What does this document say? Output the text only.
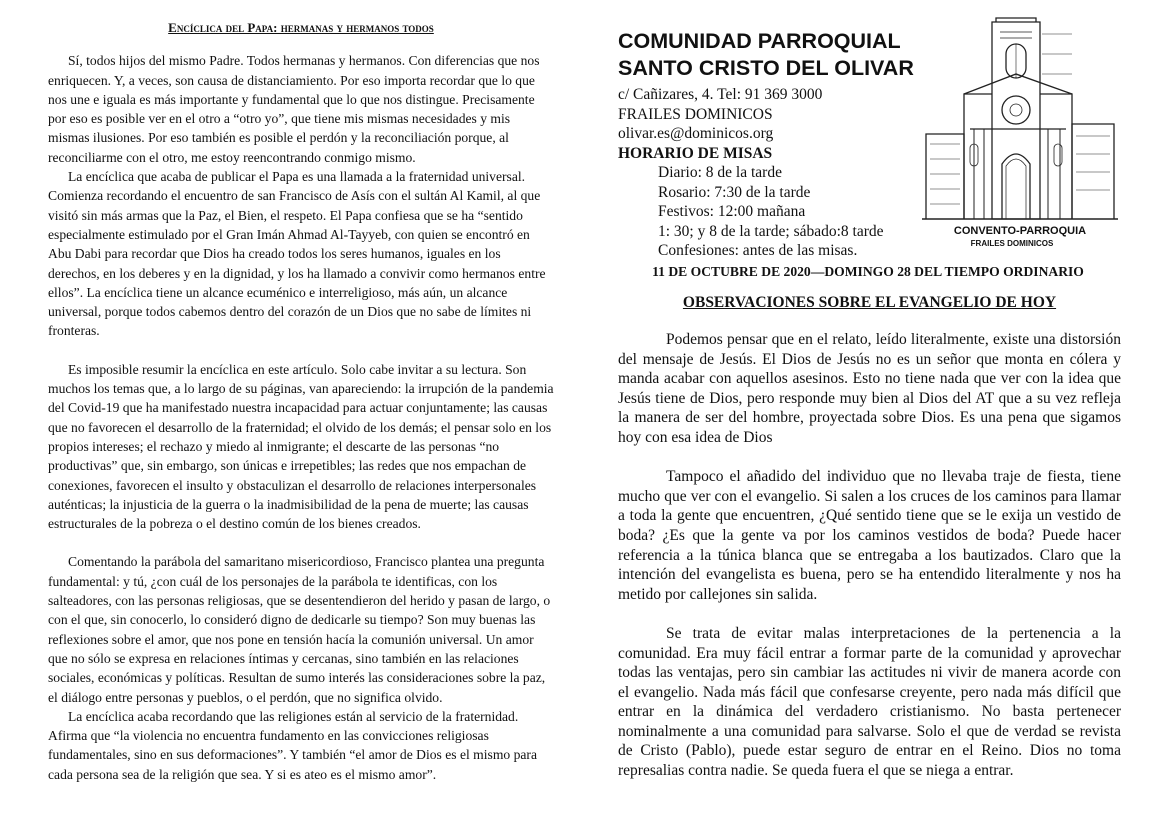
Encíclica del Papa: hermanas y hermanos todos

Sí, todos hijos del mismo Padre. Todos hermanas y hermanos. Con diferencias que nos enriquecen. Y, a veces, son causa de distanciamiento. Por eso importa recordar que lo que nos une e iguala es más importante y fundamental que lo que nos distingue. Precisamente por eso es posible ver en el otro a “otro yo”, que tiene mis mismas necesidades y mis mismas ilusiones. Por eso también es posible el perdón y la reconciliación porque, al reconciliarme con el otro, me estoy reencontrando conmigo mismo.

La encíclica que acaba de publicar el Papa es una llamada a la fraternidad universal. Comienza recordando el encuentro de san Francisco de Asís con el sultán Al Kamil, al que visitó sin más armas que la Paz, el Bien, el respeto. El Papa confiesa que se ha “sentido especialmente estimulado por el Gran Imán Ahmad Al-Tayyeb, con quien se encontró en Abu Dabi para recordar que Dios ha creado todos los seres humanos, iguales en los derechos, en los deberes y en la dignidad, y los ha llamado a convivir como hermanos entre ellos”. La encíclica tiene un alcance ecuménico e interreligioso, más aún, un alcance universal, porque todos cabemos dentro del corazón de un Dios que no sabe de límites ni fronteras.

Es imposible resumir la encíclica en este artículo. Solo cabe invitar a su lectura. Son muchos los temas que, a lo largo de su páginas, van apareciendo: la irrupción de la pandemia del Covid-19 que ha manifestado nuestra incapacidad para actuar conjuntamente; las causas que no favorecen el desarrollo de la fraternidad; el olvido de los demás; el pensar solo en los propios intereses; el rechazo y miedo al inmigrante; el descarte de las personas “no productivas” que, sin embargo, son únicas e irrepetibles; las redes que nos empachan de conexiones, favorecen el insulto y obstaculizan el desarrollo de relaciones interpersonales auténticas; la injusticia de la guerra o la inadmisibilidad de la pena de muerte; las causas estructurales de la pobreza o el destino común de los bienes creados.

Comentando la parábola del samaritano misericordioso, Francisco plantea una pregunta fundamental: y tú, ¿con cuál de los personajes de la parábola te identificas, con los salteadores, con las personas religiosas, que se desentendieron del herido y pasan de largo, o con el que, sin conocerlo, lo consideró digno de dedicarle su tiempo? Son muy buenas las reflexiones sobre el amor, que nos pone en tensión hacía la comunión universal. Un amor que no sólo se expresa en relaciones íntimas y cercanas, sino también en las relaciones sociales, económicas y políticas. Resultan de sumo interés las consideraciones sobre la paz, el diálogo entre personas y pueblos, o el perdón, que no significa olvido.

La encíclica acaba recordando que las religiones están al servicio de la fraternidad. Afirma que “la violencia no encuentra fundamento en las convicciones religiosas fundamentales, sino en sus deformaciones”. Y también “el amor de Dios es el mismo para cada persona sea de la religión que sea. Y si es ateo es el mismo amor”.

COMUNIDAD PARROQUIAL
SANTO CRISTO DEL OLIVAR
c/ Cañizares, 4. Tel: 91 369 3000
FRAILES DOMINICOS
olivar.es@dominicos.org
HORARIO DE MISAS
Diario: 8 de la tarde
Rosario: 7:30 de la tarde
Festivos: 12:00 mañana
1: 30; y 8 de la tarde; sábado:8 tarde
Confesiones: antes de las misas.
CONVENTO-PARROQUIA
FRAILES DOMINICOS
11 DE OCTUBRE DE 2020—DOMINGO 28 DEL TIEMPO ORDINARIO
OBSERVACIONES SOBRE EL EVANGELIO DE HOY

Podemos pensar que en el relato, leído literalmente, existe una distorsión del mensaje de Jesús. El Dios de Jesús no es un señor que monta en cólera y manda acabar con aquellos asesinos. Esto no tiene nada que ver con la idea que Jesús tiene de Dios, pero responde muy bien al Dios del AT que a su vez refleja la manera de ser del hombre, proyectada sobre Dios. Es una pena que sigamos hoy con esa idea de Dios

Tampoco el añadido del individuo que no llevaba traje de fiesta, tiene mucho que ver con el evangelio. Si salen a los cruces de los caminos para llamar a toda la gente que encuentren, ¿Qué sentido tiene que se le exija un vestido de boda? ¿Es que la gente va por los caminos vestidos de boda? Puede hacer referencia a la túnica blanca que se entregaba a los bautizados. Claro que la intención del evangelista es buena, pero se ha entendido literalmente y nos ha metido por callejones sin salida.

Se trata de evitar malas interpretaciones de la pertenencia a la comunidad. Era muy fácil entrar a formar parte de la comunidad y aprovechar todas las ventajas, pero sin cambiar las actitudes ni vivir de manera acorde con el evangelio. Nada más fácil que confesarse creyente, pero nada más difícil que entrar en la dinámica del verdadero cristianismo. No basta pertenecer nominalmente a una comunidad para salvarse. Solo el que de verdad se revista de Cristo (Pablo), puede estar seguro de entrar en el Reino. Dios no toma represalias contra nadie. Se queda fuera el que se niega a entrar.
